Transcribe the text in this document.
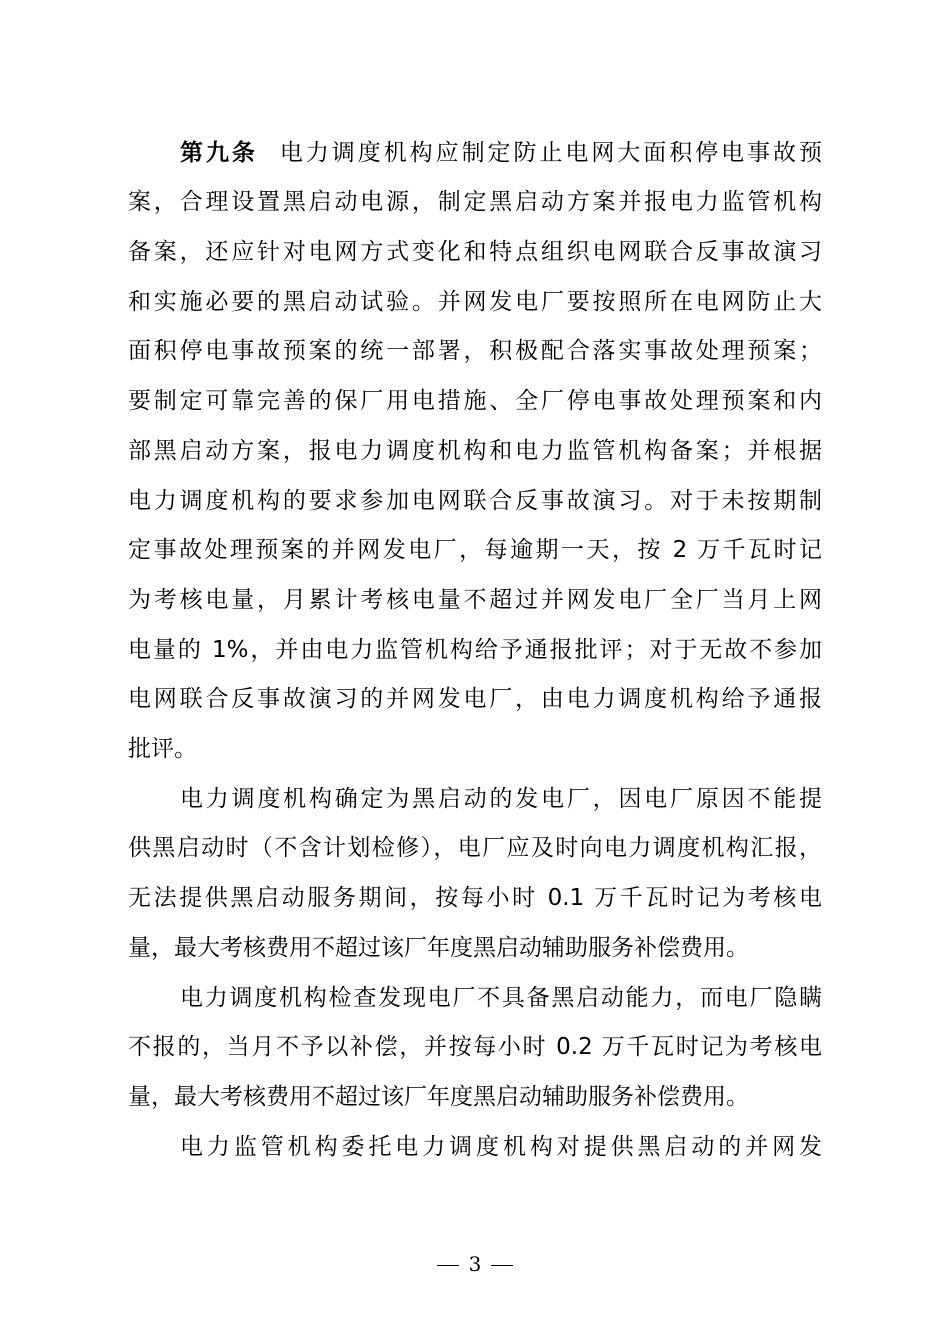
第九条 电力调度机构应制定防止电网大面积停电事故预
案，合理设置黑启动电源，制定黑启动方案并报电力监管机构
备案，还应针对电网方式变化和特点组织电网联合反事故演习
和实施必要的黑启动试验。并网发电厂要按照所在电网防止大
面积停电事故预案的统一部署，积极配合落实事故处理预案；
要制定可靠完善的保厂用电措施、全厂停电事故处理预案和内
部黑启动方案，报电力调度机构和电力监管机构备案；并根据
电力调度机构的要求参加电网联合反事故演习。对于未按期制
定事故处理预案的并网发电厂，每逾期一天，按 2 万千瓦时记
为考核电量，月累计考核电量不超过并网发电厂全厂当月上网
电量的 1%，并由电力监管机构给予通报批评；对于无故不参加
电网联合反事故演习的并网发电厂，由电力调度机构给予通报
批评。
电力调度机构确定为黑启动的发电厂，因电厂原因不能提
供黑启动时（不含计划检修），电厂应及时向电力调度机构汇报，
无法提供黑启动服务期间，按每小时 0.1 万千瓦时记为考核电
量，最大考核费用不超过该厂年度黑启动辅助服务补偿费用。
电力调度机构检查发现电厂不具备黑启动能力，而电厂隐瞒
不报的，当月不予以补偿，并按每小时 0.2 万千瓦时记为考核电
量，最大考核费用不超过该厂年度黑启动辅助服务补偿费用。
电力监管机构委托电力调度机构对提供黑启动的并网发
3
